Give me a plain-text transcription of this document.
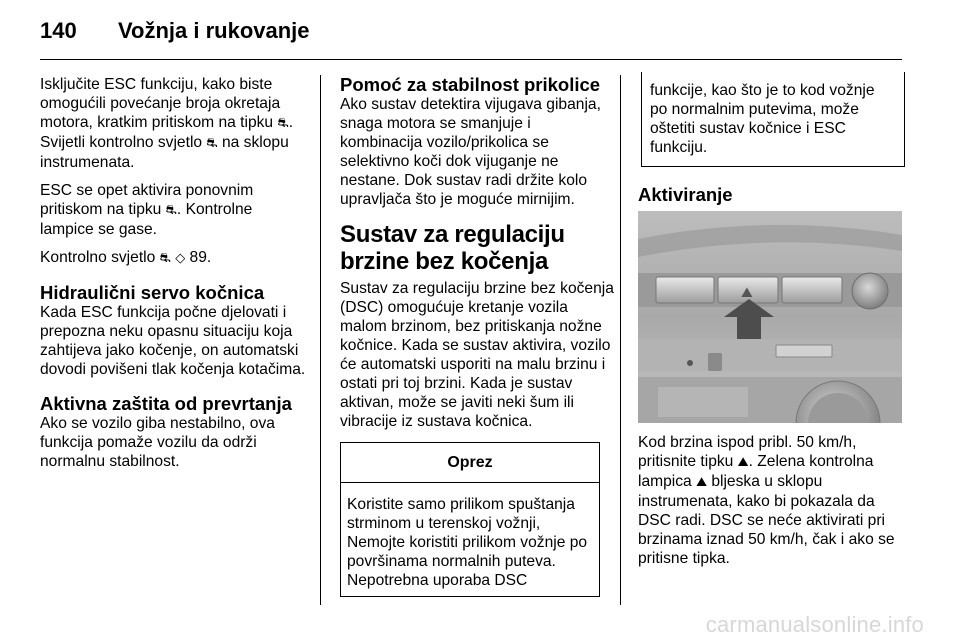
140 Vožnja i rukovanje

Isključite ESC funkciju, kako biste omogućili povećanje broja okretaja motora, kratkim pritiskom na tipku ⛐. Svijetli kontrolno svjetlo ⛐ na sklopu instrumenata.

ESC se opet aktivira ponovnim pritiskom na tipku ⛐. Kontrolne lampice se gase.

Kontrolno svjetlo ⛐ ◇ 89.

Hidraulični servo kočnica

Kada ESC funkcija počne djelovati i prepozna neku opasnu situaciju koja zahtijeva jako kočenje, on automatski dovodi povišeni tlak kočenja kotačima.

Aktivna zaštita od prevrtanja

Ako se vozilo giba nestabilno, ova funkcija pomaže vozilu da održi normalnu stabilnost.

Pomoć za stabilnost prikolice

Ako sustav detektira vijugava gibanja, snaga motora se smanjuje i kombinacija vozilo/prikolica se selektivno koči dok vijuganje ne nestane. Dok sustav radi držite kolo upravljača što je moguće mirnijim.

Sustav za regulaciju brzine bez kočenja

Sustav za regulaciju brzine bez kočenja (DSC) omogućuje kretanje vozila malom brzinom, bez pritiskanja nožne kočnice. Kada se sustav aktivira, vozilo će automatski usporiti na malu brzinu i ostati pri toj brzini. Kada je sustav aktivan, može se javiti neki šum ili vibracije iz sustava kočnica.

Oprez
Koristite samo prilikom spuštanja strminom u terenskoj vožnji, Nemojte koristiti prilikom vožnje po površinama normalnih puteva. Nepotrebna uporaba DSC
funkcije, kao što je to kod vožnje po normalnim putevima, može oštetiti sustav kočnice i ESC funkciju.
Aktiviranje
⛰

Kod brzina ispod pribl. 50 km/h, pritisnite tipku ⛰. Zelena kontrolna lampica ⛰ bljeska u sklopu instrumenata, kako bi pokazala da DSC radi. DSC se neće aktivirati pri brzinama iznad 50 km/h, čak i ako se pritisne tipka.

carmanualsonline.info
